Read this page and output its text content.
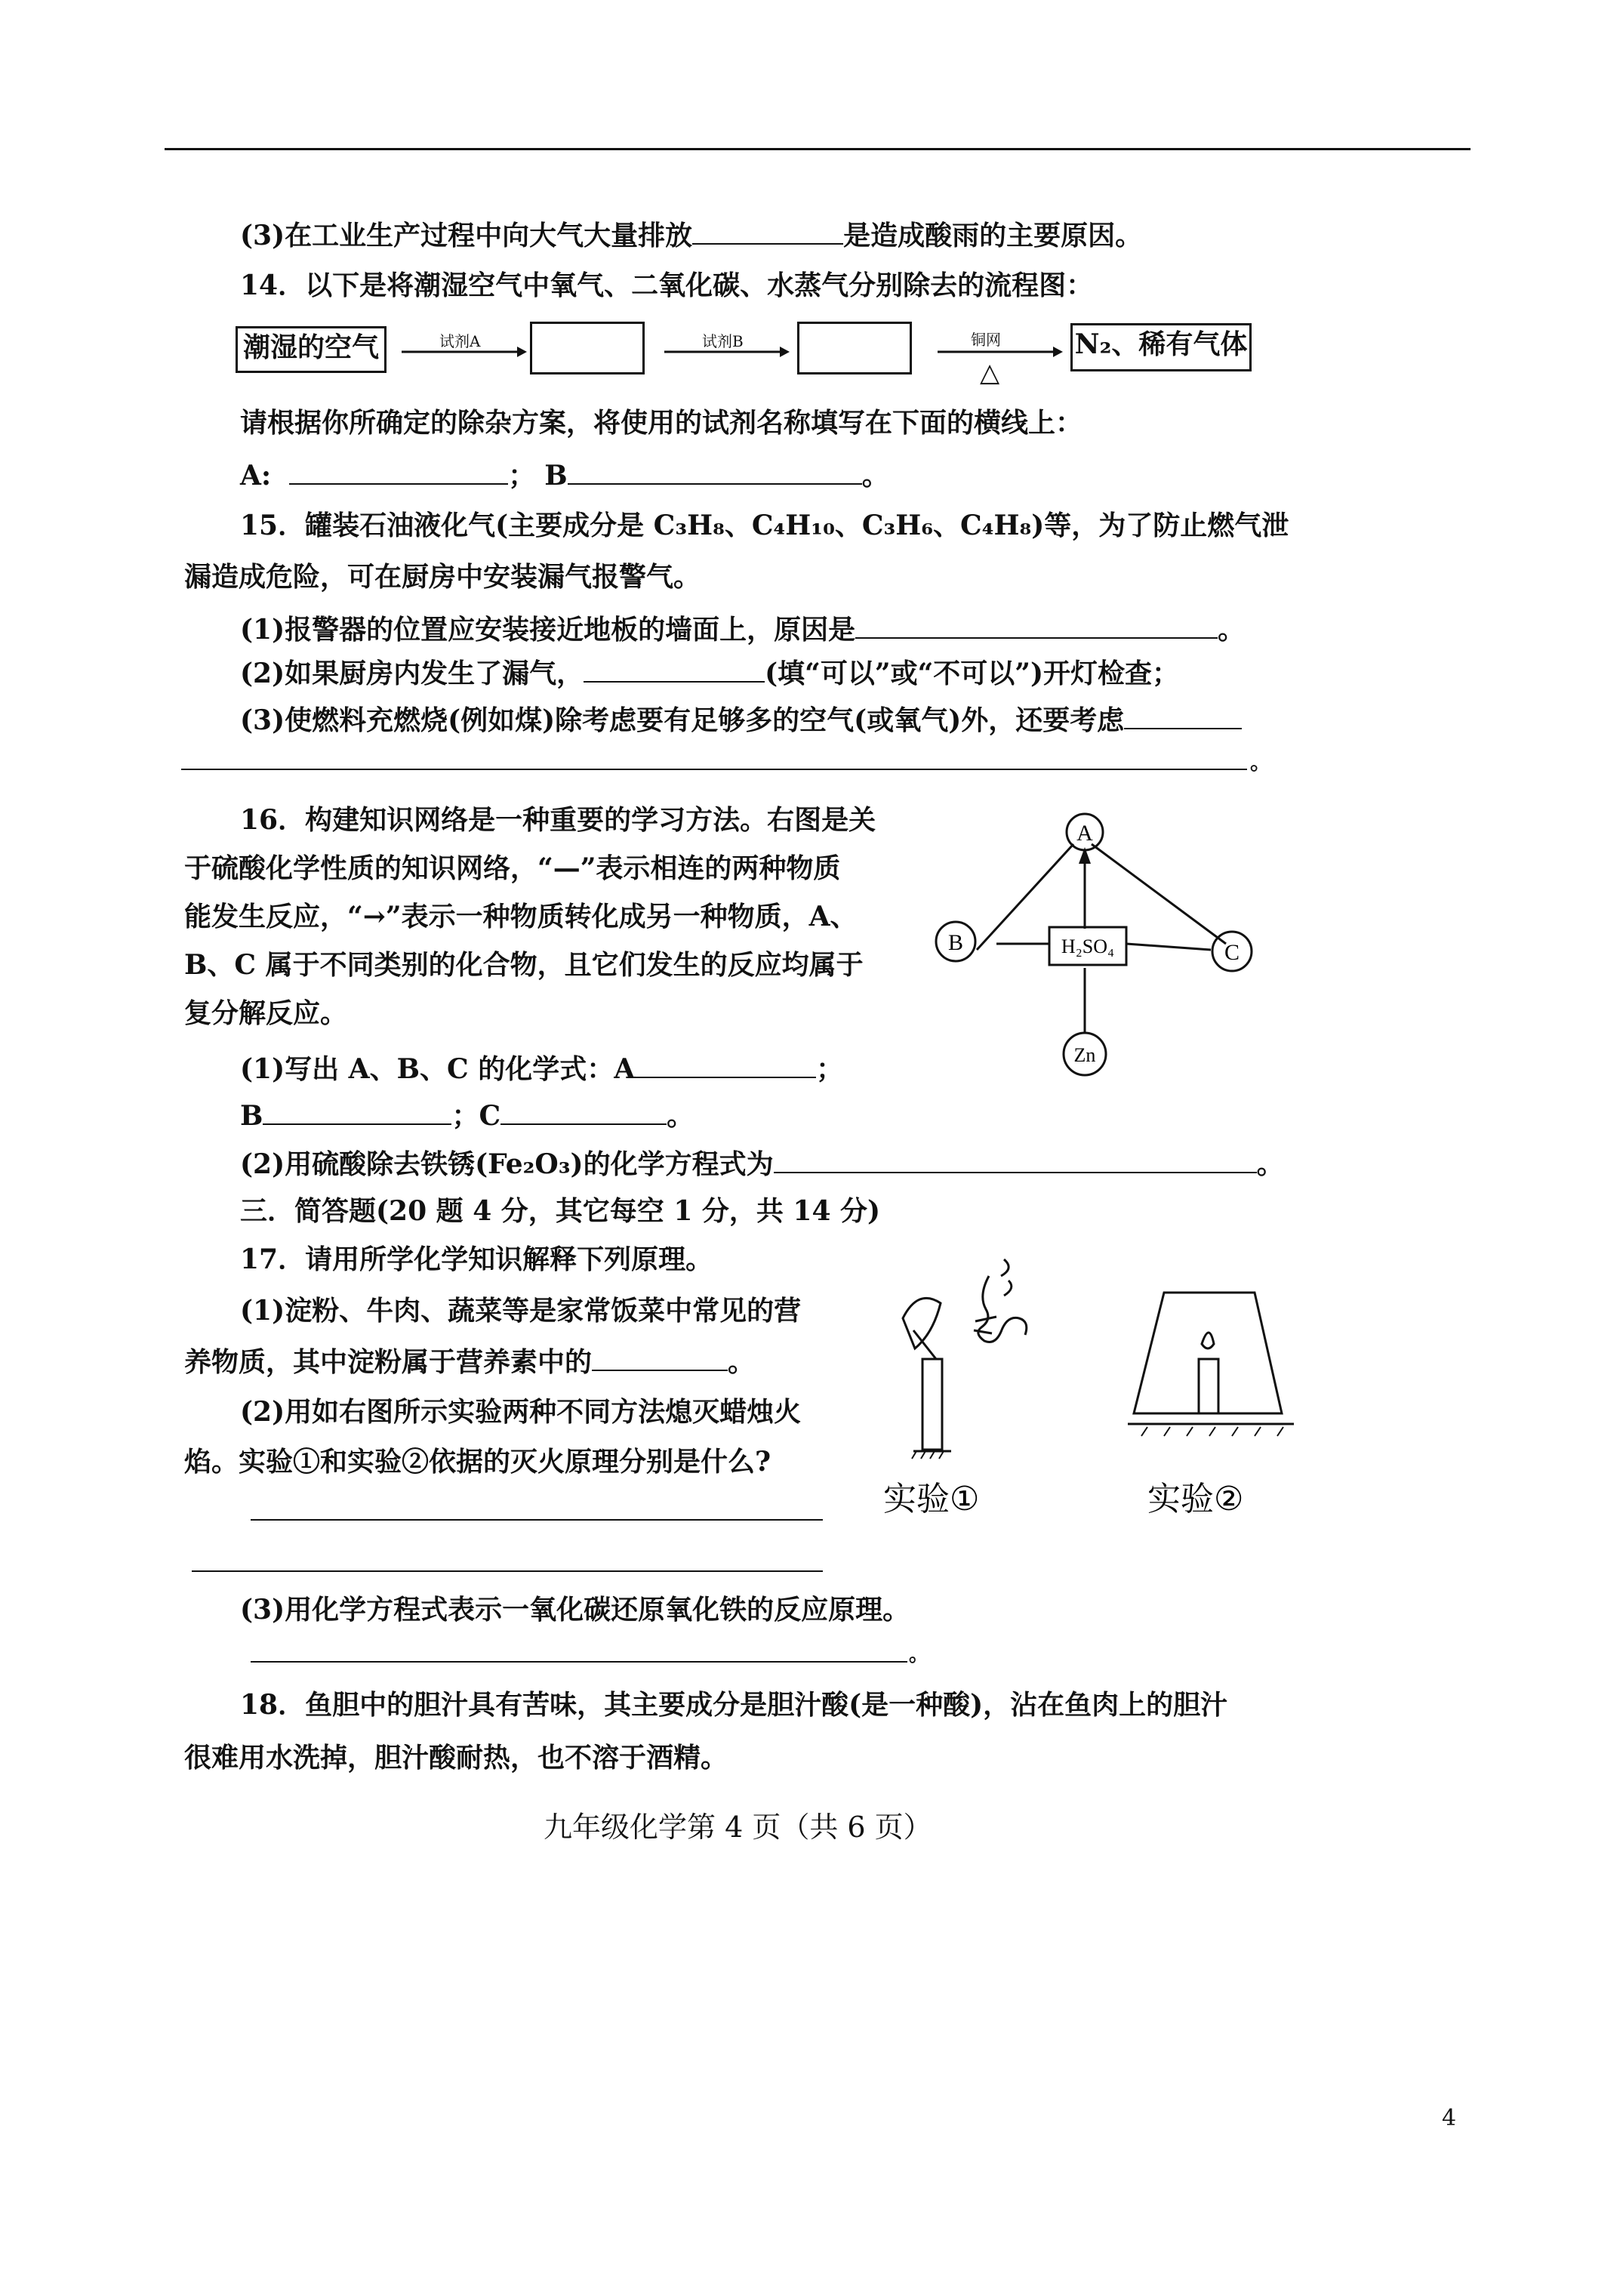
(3)在工业生产过程中向大气大量排放	是造成酸雨的主要原因。
14．以下是将潮湿空气中氧气、二氧化碳、水蒸气分别除去的流程图：
潮湿的空气	试剂A	试剂B	铜网
△
N₂、稀有气体
请根据你所确定的除杂方案，将使用的试剂名称填写在下面的横线上：
A:	； B	。
15．罐装石油液化气(主要成分是 C₃H₈、C₄H₁₀、C₃H₆、C₄H₈)等，为了防止燃气泄
漏造成危险，可在厨房中安装漏气报警气。
(1)报警器的位置应安装接近地板的墙面上，原因是	。
(2)如果厨房内发生了漏气，	(填“可以”或“不可以”)开灯检查；
(3)使燃料充燃烧(例如煤)除考虑要有足够多的空气(或氧气)外，还要考虑
。
16．构建知识网络是一种重要的学习方法。右图是关
于硫酸化学性质的知识网络，“—”表示相连的两种物质
能发生反应，“→”表示一种物质转化成另一种物质，A、
B、C 属于不同类别的化合物，且它们发生的反应均属于
复分解反应。
(1)写出 A、B、C 的化学式：A	；
B	；C	。
(2)用硫酸除去铁锈(Fe₂O₃)的化学方程式为	。
A
B	C
H₂SO₄
Zn
三．简答题(20 题 4 分，其它每空 1 分，共 14 分)
17．请用所学化学知识解释下列原理。
(1)淀粉、牛肉、蔬菜等是家常饭菜中常见的营
养物质，其中淀粉属于营养素中的	。
(2)用如右图所示实验两种不同方法熄灭蜡烛火
焰。实验①和实验②依据的灭火原理分别是什么?
(3)用化学方程式表示一氧化碳还原氧化铁的反应原理。
。
实验①	实验②
18．鱼胆中的胆汁具有苦味，其主要成分是胆汁酸(是一种酸)，沾在鱼肉上的胆汁
很难用水洗掉，胆汁酸耐热，也不溶于酒精。
九年级化学第 4 页（共 6 页）
4
